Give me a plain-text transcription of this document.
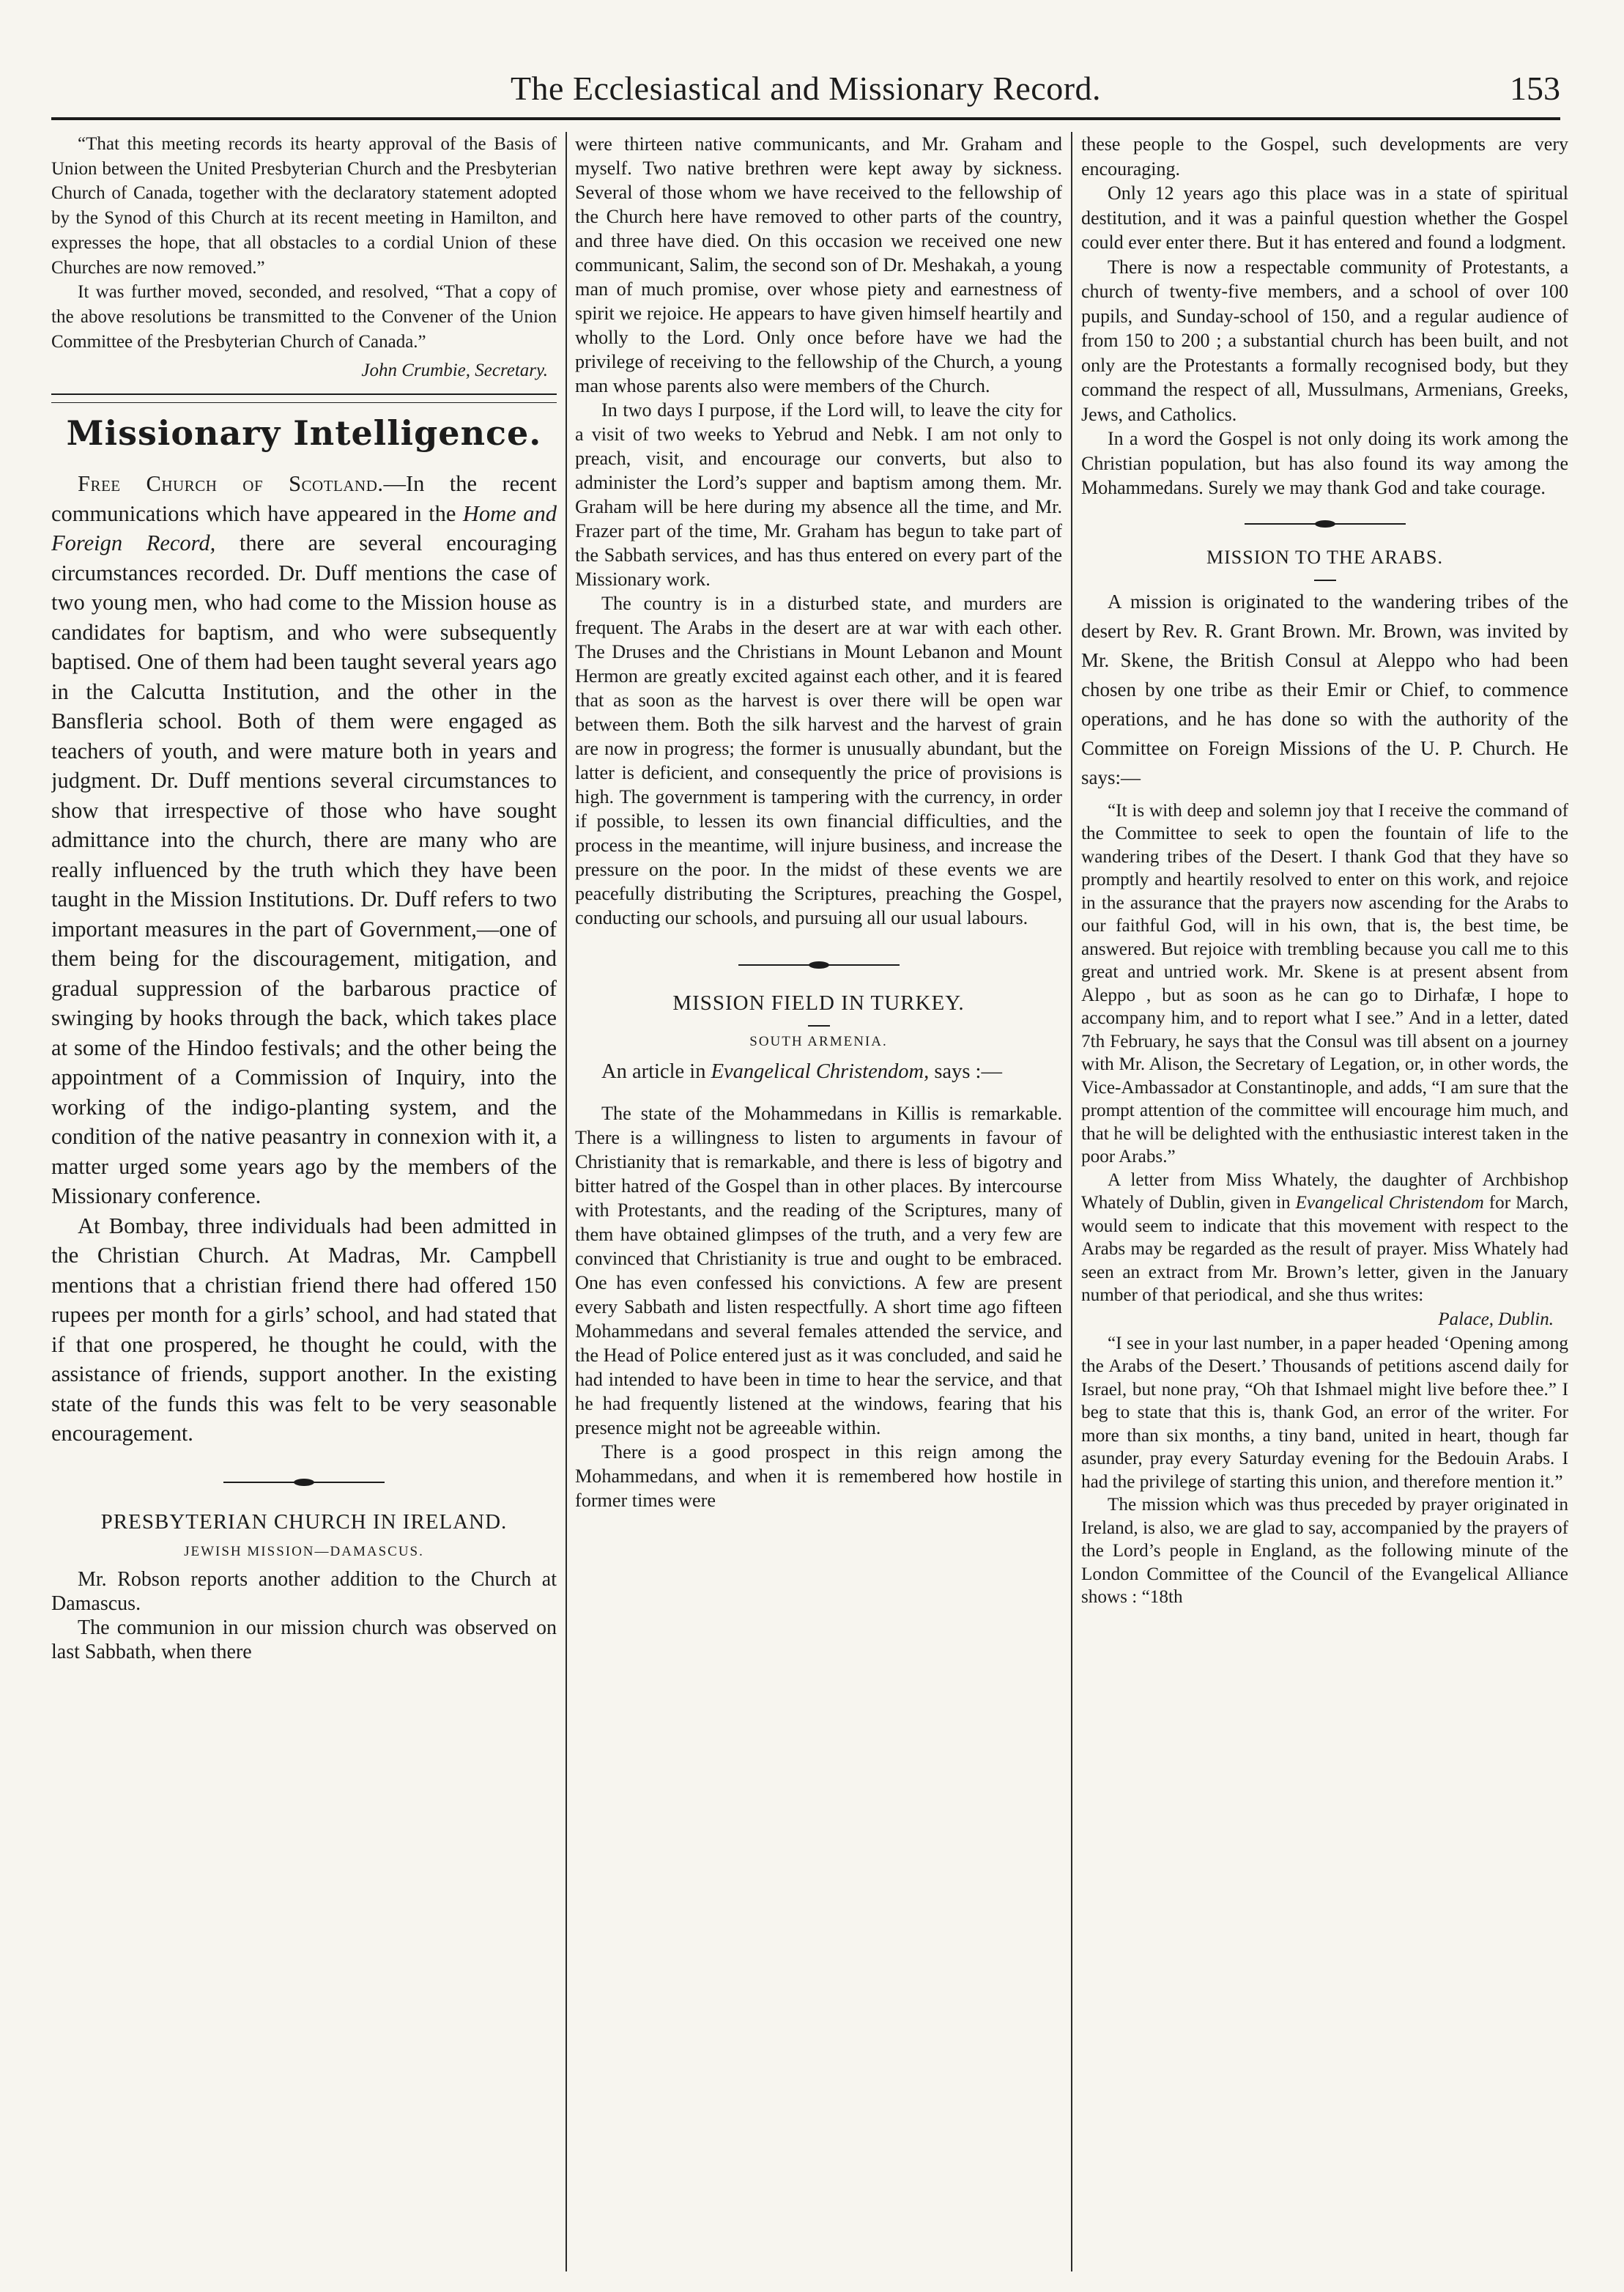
The Ecclesiastical and Missionary Record.	153

“That this meeting records its hearty approval of the Basis of Union between the United Presbyterian Church and the Presbyterian Church of Canada, together with the declaratory statement adopted by the Synod of this Church at its recent meeting in Hamilton, and expresses the hope, that all obstacles to a cordial Union of these Churches are now removed.”

It was further moved, seconded, and resolved, “That a copy of the above resolutions be transmitted to the Convener of the Union Committee of the Presbyterian Church of Canada.”

John Crumbie, Secretary.
Missionary Intelligence.

Free Church of Scotland.—In the recent communications which have appeared in the Home and Foreign Record, there are several encouraging circumstances recorded. Dr. Duff mentions the case of two young men, who had come to the Mission house as candidates for baptism, and who were subsequently baptised. One of them had been taught several years ago in the Calcutta Institution, and the other in the Bansfleria school. Both of them were engaged as teachers of youth, and were mature both in years and judgment. Dr. Duff mentions several circumstances to show that irrespective of those who have sought admittance into the church, there are many who are really influenced by the truth which they have been taught in the Mission Institutions. Dr. Duff refers to two important measures in the part of Government,—one of them being for the discouragement, mitigation, and gradual suppression of the barbarous practice of swinging by hooks through the back, which takes place at some of the Hindoo festivals; and the other being the appointment of a Commission of Inquiry, into the working of the indigo-planting system, and the condition of the native peasantry in connexion with it, a matter urged some years ago by the members of the Missionary conference.

At Bombay, three individuals had been admitted in the Christian Church. At Madras, Mr. Campbell mentions that a christian friend there had offered 150 rupees per month for a girls’ school, and had stated that if that one prospered, he thought he could, with the assistance of friends, support another. In the existing state of the funds this was felt to be very seasonable encouragement.

PRESBYTERIAN CHURCH IN IRELAND.
JEWISH MISSION—DAMASCUS.

Mr. Robson reports another addition to the Church at Damascus.

The communion in our mission church was observed on last Sabbath, when there

were thirteen native communicants, and Mr. Graham and myself. Two native brethren were kept away by sickness. Several of those whom we have received to the fellowship of the Church here have removed to other parts of the country, and three have died. On this occasion we received one new communicant, Salim, the second son of Dr. Meshakah, a young man of much promise, over whose piety and earnestness of spirit we rejoice. He appears to have given himself heartily and wholly to the Lord. Only once before have we had the privilege of receiving to the fellowship of the Church, a young man whose parents also were members of the Church.

In two days I purpose, if the Lord will, to leave the city for a visit of two weeks to Yebrud and Nebk. I am not only to preach, visit, and encourage our converts, but also to administer the Lord’s supper and baptism among them. Mr. Graham will be here during my absence all the time, and Mr. Frazer part of the time, Mr. Graham has begun to take part of the Sabbath services, and has thus entered on every part of the Missionary work.

The country is in a disturbed state, and murders are frequent. The Arabs in the desert are at war with each other. The Druses and the Christians in Mount Lebanon and Mount Hermon are greatly excited against each other, and it is feared that as soon as the harvest is over there will be open war between them. Both the silk harvest and the harvest of grain are now in progress; the former is unusually abundant, but the latter is deficient, and consequently the price of provisions is high. The government is tampering with the currency, in order if possible, to lessen its own financial difficulties, and the process in the meantime, will injure business, and increase the pressure on the poor. In the midst of these events we are peacefully distributing the Scriptures, preaching the Gospel, conducting our schools, and pursuing all our usual labours.

MISSION FIELD IN TURKEY.
SOUTH ARMENIA.

An article in Evangelical Christendom, says :—

The state of the Mohammedans in Killis is remarkable. There is a willingness to listen to arguments in favour of Christianity that is remarkable, and there is less of bigotry and bitter hatred of the Gospel than in other places. By intercourse with Protestants, and the reading of the Scriptures, many of them have obtained glimpses of the truth, and a very few are convinced that Christianity is true and ought to be embraced. One has even confessed his convictions. A few are present every Sabbath and listen respectfully. A short time ago fifteen Mohammedans and several females attended the service, and the Head of Police entered just as it was concluded, and said he had intended to have been in time to hear the service, and that he had frequently listened at the windows, fearing that his presence might not be agreeable within.

There is a good prospect in this reign among the Mohammedans, and when it is remembered how hostile in former times were

these people to the Gospel, such developments are very encouraging.

Only 12 years ago this place was in a state of spiritual destitution, and it was a painful question whether the Gospel could ever enter there. But it has entered and found a lodgment.

There is now a respectable community of Protestants, a church of twenty-five members, and a school of over 100 pupils, and Sunday-school of 150, and a regular audience of from 150 to 200 ; a substantial church has been built, and not only are the Protestants a formally recognised body, but they command the respect of all, Mussulmans, Armenians, Greeks, Jews, and Catholics.

In a word the Gospel is not only doing its work among the Christian population, but has also found its way among the Mohammedans. Surely we may thank God and take courage.

MISSION TO THE ARABS.

A mission is originated to the wandering tribes of the desert by Rev. R. Grant Brown. Mr. Brown, was invited by Mr. Skene, the British Consul at Aleppo who had been chosen by one tribe as their Emir or Chief, to commence operations, and he has done so with the authority of the Committee on Foreign Missions of the U. P. Church. He says:—

“It is with deep and solemn joy that I receive the command of the Committee to seek to open the fountain of life to the wandering tribes of the Desert. I thank God that they have so promptly and heartily resolved to enter on this work, and rejoice in the assurance that the prayers now ascending for the Arabs to our faithful God, will in his own, that is, the best time, be answered. But rejoice with trembling because you call me to this great and untried work. Mr. Skene is at present absent from Aleppo , but as soon as he can go to Dirhafæ, I hope to accompany him, and to report what I see.” And in a letter, dated 7th February, he says that the Consul was till absent on a journey with Mr. Alison, the Secretary of Legation, or, in other words, the Vice-Ambassador at Constantinople, and adds, “I am sure that the prompt attention of the committee will encourage him much, and that he will be delighted with the enthusiastic interest taken in the poor Arabs.”

A letter from Miss Whately, the daughter of Archbishop Whately of Dublin, given in Evangelical Christendom for March, would seem to indicate that this movement with respect to the Arabs may be regarded as the result of prayer. Miss Whately had seen an extract from Mr. Brown’s letter, given in the January number of that periodical, and she thus writes:

Palace, Dublin.

“I see in your last number, in a paper headed ‘Opening among the Arabs of the Desert.’ Thousands of petitions ascend daily for Israel, but none pray, “Oh that Ishmael might live before thee.” I beg to state that this is, thank God, an error of the writer. For more than six months, a tiny band, united in heart, though far asunder, pray every Saturday evening for the Bedouin Arabs. I had the privilege of starting this union, and therefore mention it.”

The mission which was thus preceded by prayer originated in Ireland, is also, we are glad to say, accompanied by the prayers of the Lord’s people in England, as the following minute of the London Committee of the Council of the Evangelical Alliance shows : “18th
